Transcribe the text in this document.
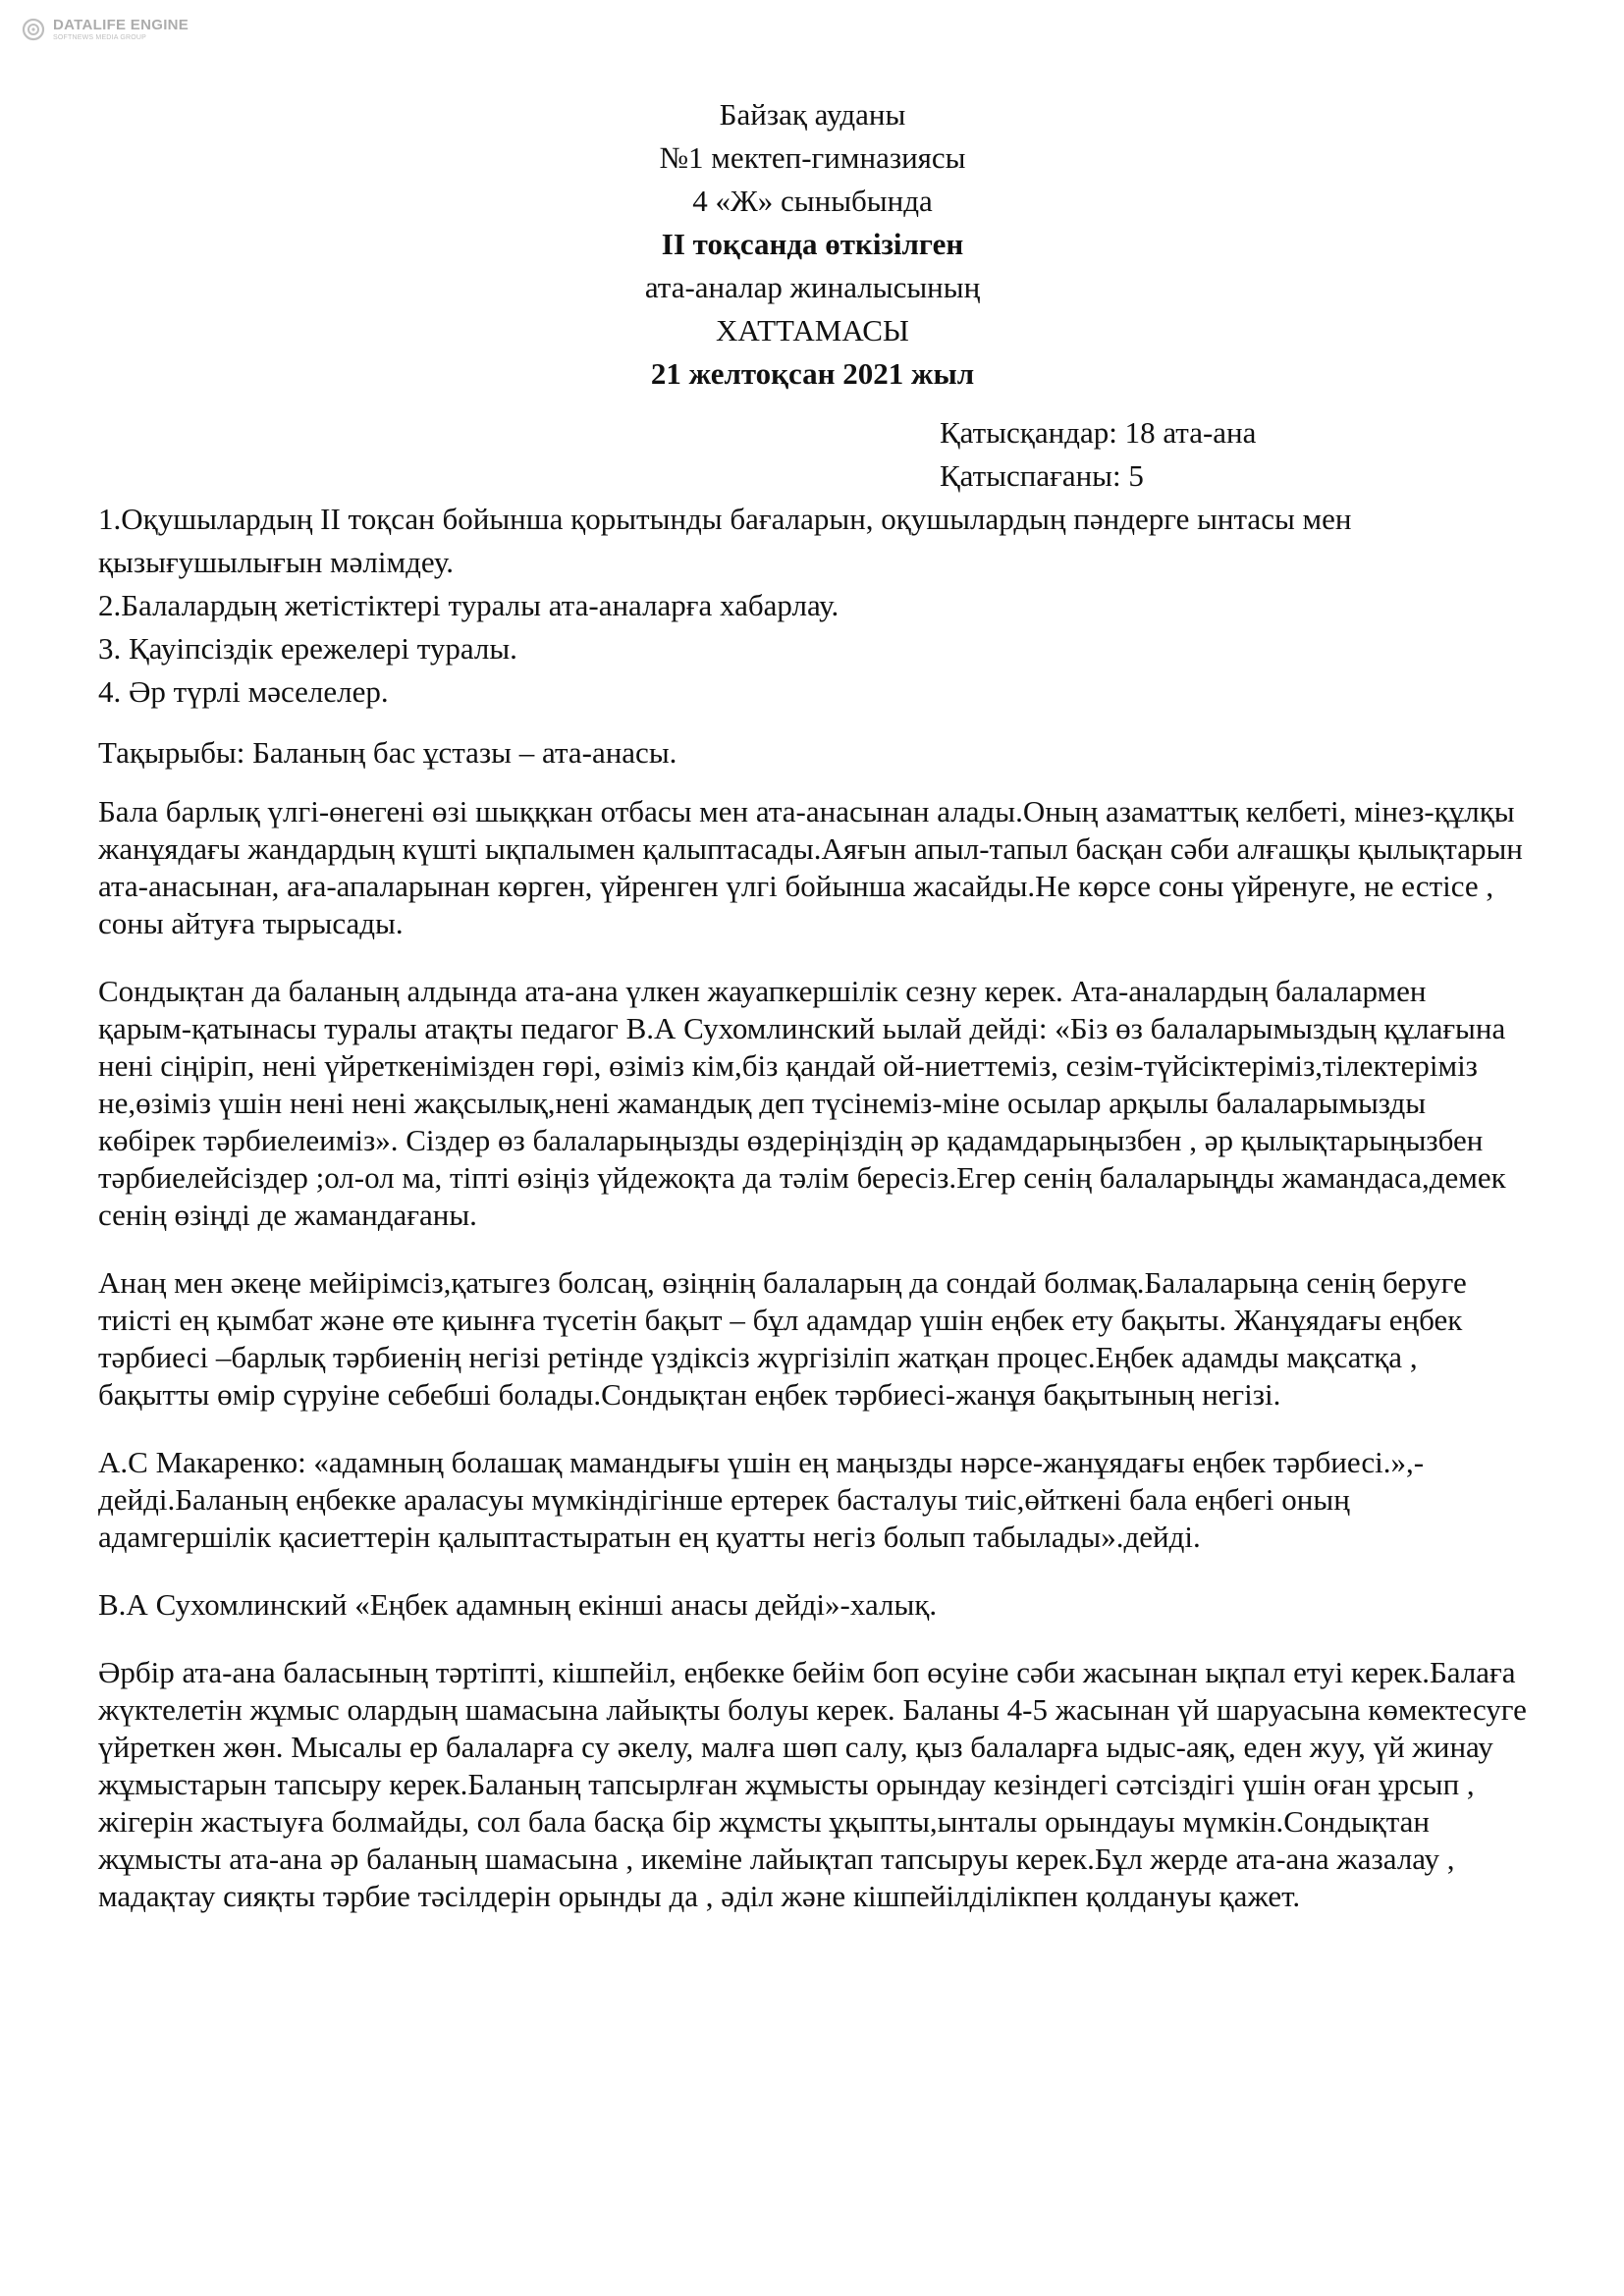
DATALIFE ENGINE
SOFTNEWS MEDIA GROUP
Байзақ ауданы
№1 мектеп-гимназиясы
4 «Ж» сыныбында
II тоқсанда өткізілген
ата-аналар жиналысының
ХАТТАМАСЫ
21 желтоқсан 2021 жыл
Қатысқандар: 18 ата-ана
Қатыспағаны: 5
1.Оқушылардың II тоқсан бойынша қорытынды бағаларын, оқушылардың пәндерге ынтасы мен қызығушылығын мәлімдеу.
2.Балалардың жетістіктері туралы ата-аналарға хабарлау.
3. Қауіпсіздік ережелері туралы.
4. Әр түрлі мәселелер.
Тақырыбы: Баланың бас ұстазы – ата-анасы.

Бала барлық үлгі-өнегені өзі шыққкан отбасы мен ата-анасынан алады.Оның азаматтық келбеті, мінез-құлқы жанұядағы жандардың күшті ықпалымен қалыптасады.Аяғын апыл-тапыл басқан сәби алғашқы қылықтарын ата-анасынан, аға-апаларынан көрген, үйренген үлгі бойынша жасайды.Не көрсе соны үйренуге, не естісе , соны айтуға тырысады.

Сондықтан да баланың алдында ата-ана үлкен жауапкершілік сезну керек. Ата-аналардың балалармен қарым-қатынасы туралы атақты педагог В.А Сухомлинский ьылай дейді: «Біз өз балаларымыздың құлағына нені сіңіріп, нені үйреткенімізден гөрі, өзіміз кім,біз қандай ой-ниеттеміз, сезім-түйсіктеріміз,тілектеріміз не,өзіміз үшін нені нені жақсылық,нені жамандық деп түсінеміз-міне осылар арқылы балаларымызды көбірек тәрбиелеиміз». Сіздер өз балаларыңызды өздеріңіздің әр қадамдарыңызбен , әр қылықтарыңызбен тәрбиелейсіздер ;ол-ол ма, тіпті өзіңіз үйдежоқта да тәлім бересіз.Егер сенің балаларыңды жамандаса,демек сенің өзіңді де жамандағаны.

Анаң мен әкеңе мейірімсіз,қатыгез болсаң, өзіңнің балаларың да сондай болмақ.Балаларыңа сенің беруге тиісті ең қымбат және өте қиынға түсетін бақыт – бұл адамдар үшін еңбек ету бақыты. Жанұядағы еңбек тәрбиесі –барлық тәрбиенің негізі ретінде үздіксіз жүргізіліп жатқан процес.Еңбек адамды мақсатқа , бақытты өмір сүруіне себебші болады.Сондықтан еңбек тәрбиесі-жанұя бақытының негізі.

А.С Макаренко: «адамның болашақ мамандығы үшін ең маңызды нәрсе-жанұядағы еңбек тәрбиесі.»,-дейді.Баланың еңбекке араласуы мүмкіндігінше ертерек басталуы тиіс,өйткені бала еңбегі оның адамгершілік қасиеттерін қалыптастыратын ең қуатты негіз болып табылады».дейді.

В.А Сухомлинский «Еңбек адамның екінші анасы дейді»-халық.

Әрбір ата-ана баласының тәртіпті, кішпейіл, еңбекке бейім боп өсуіне сәби жасынан ықпал етуі керек.Балаға жүктелетін жұмыс олардың шамасына лайықты болуы керек. Баланы 4-5 жасынан үй шаруасына көмектесуге үйреткен жөн. Мысалы ер балаларға су әкелу, малға шөп салу, қыз балаларға ыдыс-аяқ, еден жуу, үй жинау жұмыстарын тапсыру керек.Баланың тапсырлған жұмысты орындау кезіндегі сәтсіздігі үшін оған ұрсып , жігерін жастыуға болмайды, сол бала басқа бір жұмсты ұқыпты,ынталы орындауы мүмкін.Сондықтан жұмысты ата-ана әр баланың шамасына , икеміне лайықтап тапсыруы керек.Бұл жерде ата-ана жазалау , мадақтау сияқты тәрбие тәсілдерін орынды да , әділ және кішпейілділікпен қолдануы қажет.
